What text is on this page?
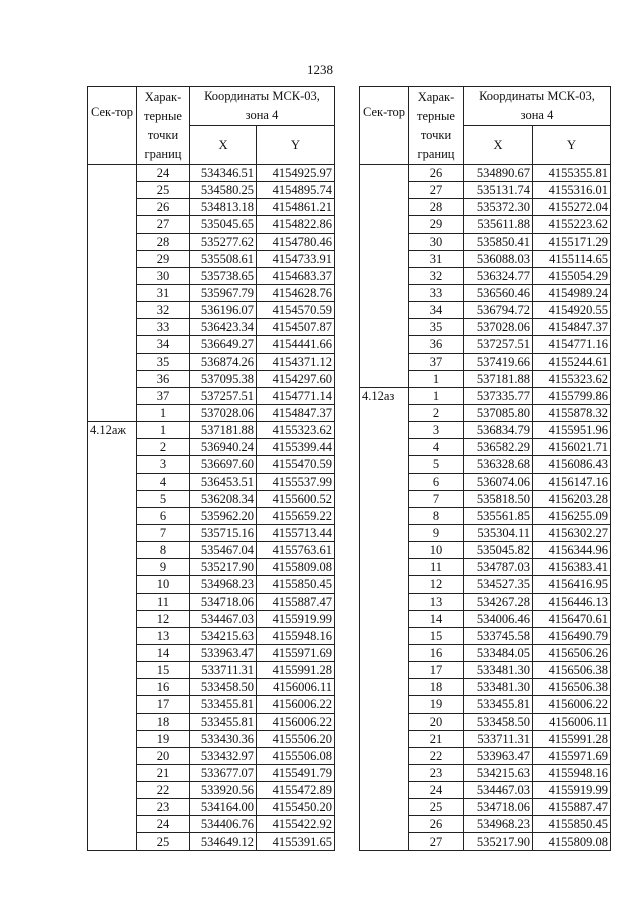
1238
Сек-тор	Харак-терные точки границ	Координаты МСК-03, зона 4	
		X	Y
	24	534346.51	4154925.97
	25	534580.25	4154895.74
	26	534813.18	4154861.21
	27	535045.65	4154822.86
	28	535277.62	4154780.46
	29	535508.61	4154733.91
	30	535738.65	4154683.37
	31	535967.79	4154628.76
	32	536196.07	4154570.59
	33	536423.34	4154507.87
	34	536649.27	4154441.66
	35	536874.26	4154371.12
	36	537095.38	4154297.60
	37	537257.51	4154771.14
	1	537028.06	4154847.37
4.12аж	1	537181.88	4155323.62
	2	536940.24	4155399.44
	3	536697.60	4155470.59
	4	536453.51	4155537.99
	5	536208.34	4155600.52
	6	535962.20	4155659.22
	7	535715.16	4155713.44
	8	535467.04	4155763.61
	9	535217.90	4155809.08
	10	534968.23	4155850.45
	11	534718.06	4155887.47
	12	534467.03	4155919.99
	13	534215.63	4155948.16
	14	533963.47	4155971.69
	15	533711.31	4155991.28
	16	533458.50	4156006.11
	17	533455.81	4156006.22
	18	533455.81	4156006.22
	19	533430.36	4155506.20
	20	533432.97	4155506.08
	21	533677.07	4155491.79
	22	533920.56	4155472.89
	23	534164.00	4155450.20
	24	534406.76	4155422.92
	25	534649.12	4155391.65
Сек-тор	Харак-терные точки границ	Координаты МСК-03, зона 4	
		X	Y
	26	534890.67	4155355.81
	27	535131.74	4155316.01
	28	535372.30	4155272.04
	29	535611.88	4155223.62
	30	535850.41	4155171.29
	31	536088.03	4155114.65
	32	536324.77	4155054.29
	33	536560.46	4154989.24
	34	536794.72	4154920.55
	35	537028.06	4154847.37
	36	537257.51	4154771.16
	37	537419.66	4155244.61
	1	537181.88	4155323.62
4.12аз	1	537335.77	4155799.86
	2	537085.80	4155878.32
	3	536834.79	4155951.96
	4	536582.29	4156021.71
	5	536328.68	4156086.43
	6	536074.06	4156147.16
	7	535818.50	4156203.28
	8	535561.85	4156255.09
	9	535304.11	4156302.27
	10	535045.82	4156344.96
	11	534787.03	4156383.41
	12	534527.35	4156416.95
	13	534267.28	4156446.13
	14	534006.46	4156470.61
	15	533745.58	4156490.79
	16	533484.05	4156506.26
	17	533481.30	4156506.38
	18	533481.30	4156506.38
	19	533455.81	4156006.22
	20	533458.50	4156006.11
	21	533711.31	4155991.28
	22	533963.47	4155971.69
	23	534215.63	4155948.16
	24	534467.03	4155919.99
	25	534718.06	4155887.47
	26	534968.23	4155850.45
	27	535217.90	4155809.08
